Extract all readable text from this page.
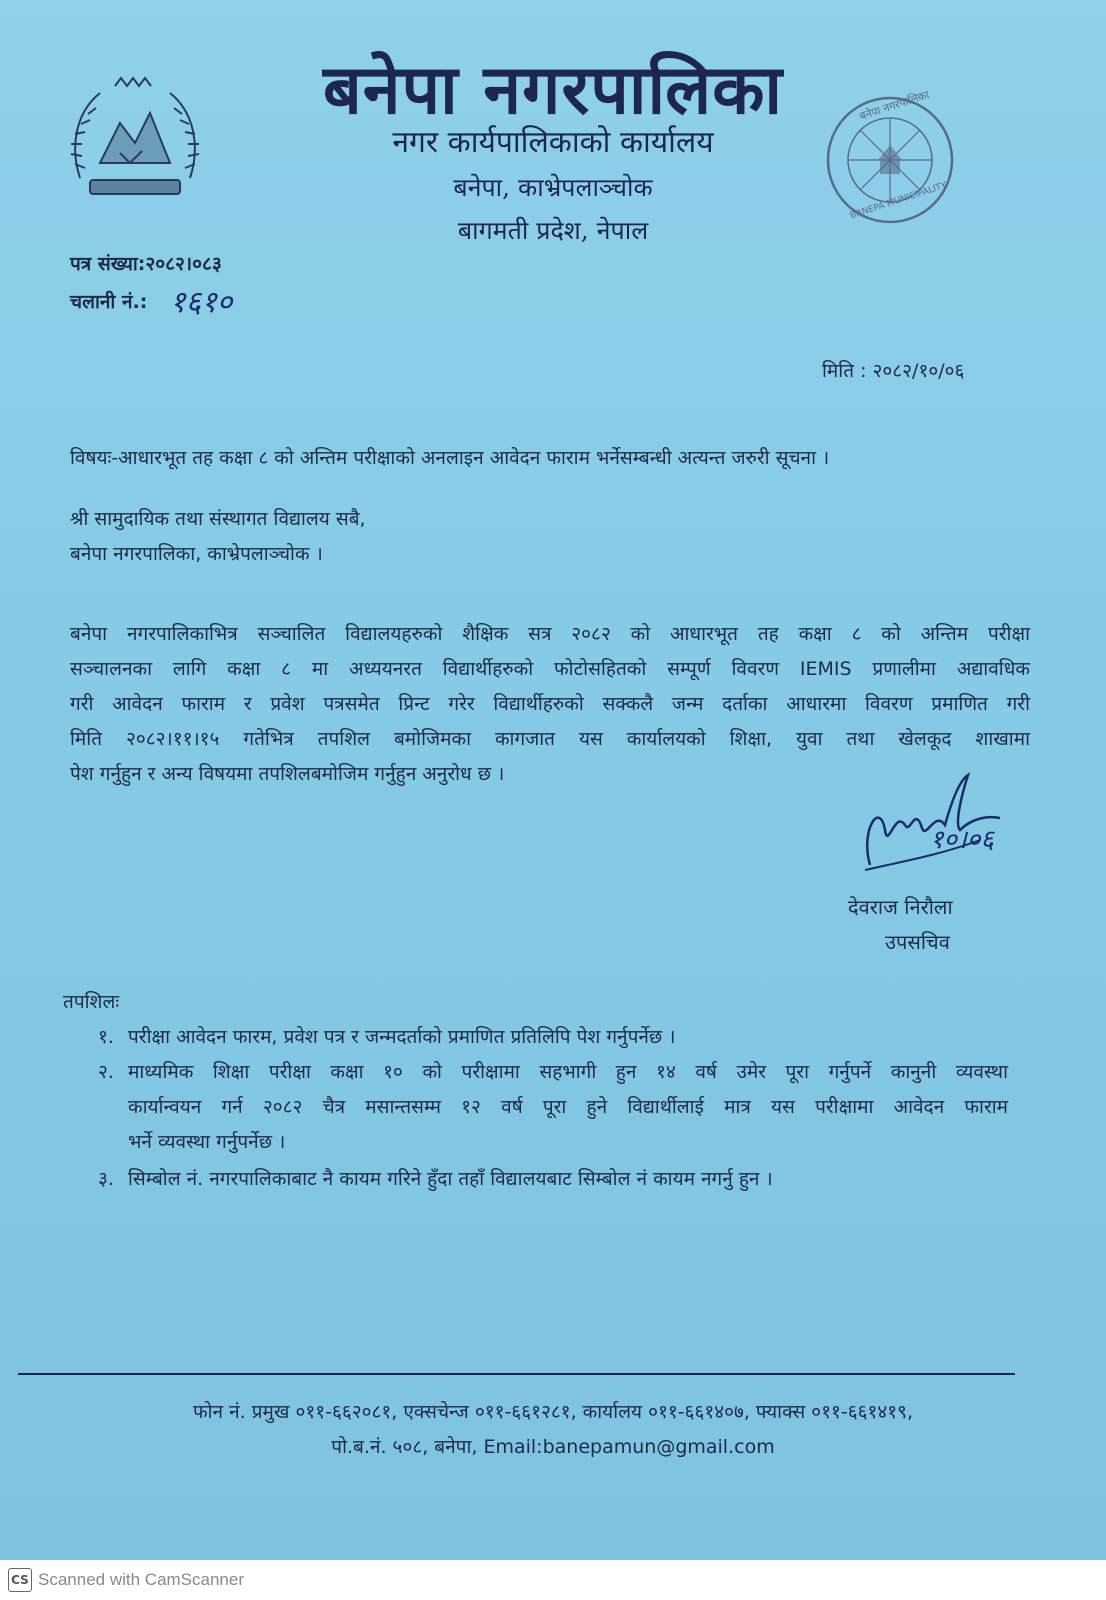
बनेपा नगरपालिका
BANEPA MUNICIPALITY
बनेपा नगरपालिका
नगर कार्यपालिकाको कार्यालय
बनेपा, काभ्रेपलाञ्चोक
बागमती प्रदेश, नेपाल
पत्र संख्या:२०८२।०८३
चलानी नं.: १६१०
मिति : २०८२/१०/०६
विषयः-आधारभूत तह कक्षा ८ को अन्तिम परीक्षाको अनलाइन आवेदन फाराम भर्नेसम्बन्धी अत्यन्त जरुरी सूचना ।
श्री सामुदायिक तथा संस्थागत विद्यालय सबै,
बनेपा नगरपालिका, काभ्रेपलाञ्चोक ।
बनेपा नगरपालिकाभित्र सञ्चालित विद्यालयहरुको शैक्षिक सत्र २०८२ को आधारभूत तह कक्षा ८ को अन्तिम परीक्षा
सञ्चालनका लागि कक्षा ८ मा अध्ययनरत विद्यार्थीहरुको फोटोसहितको सम्पूर्ण विवरण IEMIS प्रणालीमा अद्यावधिक
गरी आवेदन फाराम र प्रवेश पत्रसमेत प्रिन्ट गरेर विद्यार्थीहरुको सक्कलै जन्म दर्ताका आधारमा विवरण प्रमाणित गरी
मिति २०८२।११।१५ गतेभित्र तपशिल बमोजिमका कागजात यस कार्यालयको शिक्षा, युवा तथा खेलकूद शाखामा
पेश गर्नुहुन र अन्य विषयमा तपशिलबमोजिम गर्नुहुन अनुरोध छ ।
१०।०६
देवराज निरौला
उपसचिव
तपशिलः
१. परीक्षा आवेदन फारम, प्रवेश पत्र र जन्मदर्ताको प्रमाणित प्रतिलिपि पेश गर्नुपर्नेछ ।
२. माध्यमिक शिक्षा परीक्षा कक्षा १० को परीक्षामा सहभागी हुन १४ वर्ष उमेर पूरा गर्नुपर्ने कानुनी व्यवस्था
कार्यान्वयन गर्न २०८२ चैत्र मसान्तसम्म १२ वर्ष पूरा हुने विद्यार्थीलाई मात्र यस परीक्षामा आवेदन फाराम
भर्ने व्यवस्था गर्नुपर्नेछ ।
३. सिम्बोल नं. नगरपालिकाबाट नै कायम गरिने हुँदा तहाँ विद्यालयबाट सिम्बोल नं कायम नगर्नु हुन ।
फोन नं. प्रमुख ०११-६६२०८१, एक्सचेन्ज ०११-६६१२८१, कार्यालय ०११-६६१४०७, फ्याक्स ०११-६६१४१९,
पो.ब.नं. ५०८, बनेपा, Email:banepamun@gmail.com
CS Scanned with CamScanner
